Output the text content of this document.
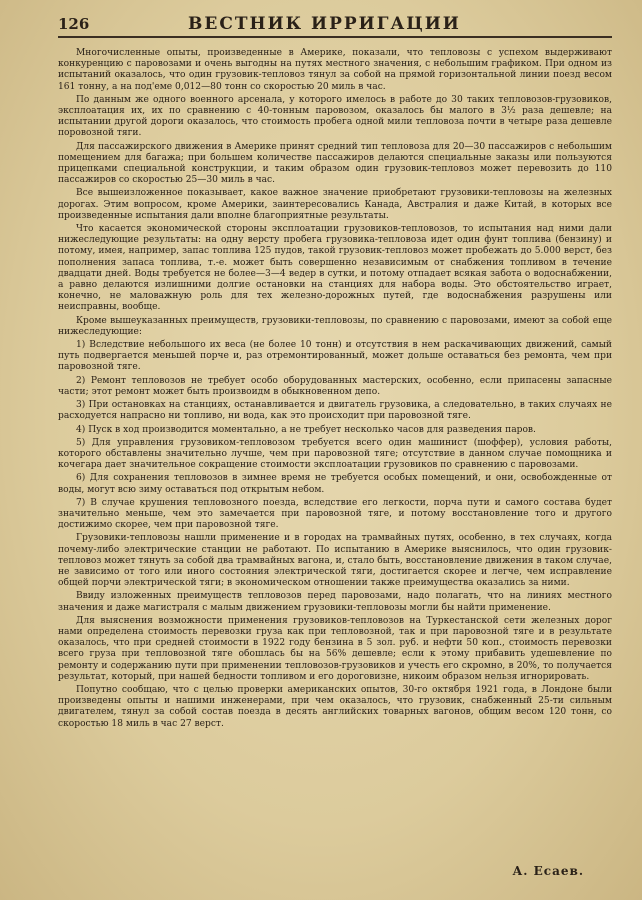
126	ВЕСТНИК ИРРИГАЦИИ

Многочисленные опыты, произведенные в Америке, показали, что тепловозы с успехом выдерживают конкуренцию с паровозами и очень выгодны на путях местного значения, с небольшим графиком. При одном из испытаний оказалось, что один грузовик-тепловоз тянул за собой на прямой горизонтальной линии поезд весом 161 тонну, а на под'еме 0,012—80 тонн со скоростью 20 миль в час.

По данным же одного военного арсенала, у которого имелось в работе до 30 таких тепловозов-грузовиков, эксплоатация их, их по сравнению с 40-тонным паровозом, оказалось бы малого в 3½ раза дешевле; на испытании другой дороги оказалось, что стоимость пробега одной мили тепловоза почти в четыре раза дешевле поровозной тяги.

Для пассажирского движения в Америке принят средний тип тепловоза для 20—30 пассажиров с небольшим помещением для багажа; при большем количестве пассажиров делаются специальные заказы или пользуются прицепками специальной конструкции, и таким образом один грузовик-тепловоз может перевозить до 110 пассажиров со скоростью 25—30 миль в час.

Все вышеизложенное показывает, какое важное значение приобретают грузовики-тепловозы на железных дорогах. Этим вопросом, кроме Америки, заинтересовались Канада, Австралия и даже Китай, в которых все произведенные испытания дали вполне благоприятные результаты.

Что касается экономической стороны эксплоатации грузовиков-тепловозов, то испытания над ними дали нижеследующие результаты: на одну версту пробега грузовика-тепловоза идет один фунт топлива (бензину) и потому, имея, например, запас топлива 125 пудов, такой грузовик-тепловоз может пробежать до 5.000 верст, без пополнения запаса топлива, т.-е. может быть совершенно независимым от снабжения топливом в течение двадцати дней. Воды требуется не более—3—4 ведер в сутки, и потому отпадает всякая забота о водоснабжении, а равно делаются излишними долгие остановки на станциях для набора воды. Это обстоятельство играет, конечно, не маловажную роль для тех железно-дорожных путей, где водоснабжения разрушены или неисправны, вообще.

Кроме вышеуказанных преимуществ, грузовики-тепловозы, по сравнению с паровозами, имеют за собой еще нижеследующие:

1) Вследствие небольшого их веса (не более 10 тонн) и отсутствия в нем раскачивающих движений, самый путь подвергается меньшей порче и, раз отремонтированный, может дольше оставаться без ремонта, чем при паровозной тяге.

2) Ремонт тепловозов не требует особо оборудованных мастерских, особенно, если припасены запасные части; этот ремонт может быть произвоидм в обыкновенном депо.

3) При остановках на станциях, останавливается и двигатель грузовика, а следовательно, в таких случаях не расходуется напрасно ни топливо, ни вода, как это происходит при паровозной тяге.

4) Пуск в ход производится моментально, а не требует несколько часов для разведения паров.

5) Для управления грузовиком-тепловозом требуется всего один машинист (шоффер), условия работы, которого обставлены значительно лучше, чем при паровозной тяге; отсутствие в данном случае помощника и кочегара дает значительное сокращение стоимости эксплоатации грузовиков по сравнению с паровозами.

6) Для сохранения тепловозов в зимнее время не требуется особых помещений, и они, освобожденные от воды, могут всю зиму оставаться под открытым небом.

7) В случае крушения тепловозного поезда, вследствие его легкости, порча пути и самого состава будет значительно меньше, чем это замечается при паровозной тяге, и потому восстановление того и другого достижимо скорее, чем при паровозной тяге.

Грузовики-тепловозы нашли применение и в городах на трамвайных путях, особенно, в тех случаях, когда почему-либо электрические станции не работают. По испытанию в Америке выяснилось, что один грузовик-тепловоз может тянуть за собой два трамвайных вагона, и, стало быть, восстановление движения в таком случае, не зависимо от того или иного состояния электрической тяги, достигается скорее и легче, чем исправление общей порчи электрической тяги; в экономическом отношении также преимущества оказались за ними.

Ввиду изложенных преимуществ тепловозов перед паровозами, надо полагать, что на линиях местного значения и даже магистраля с малым движением грузовики-тепловозы могли бы найти применение.

Для выяснения возможности применения грузовиков-тепловозов на Туркестанской сети железных дорог нами определена стоимость перевозки груза как при тепловозной, так и при паровозной тяге и в результате оказалось, что при средней стоимости в 1922 году бензина в 5 зол. руб. и нефти 50 коп., стоимость перевозки всего груза при тепловозной тяге обошлась бы на 56% дешевле; если к этому прибавить удешевление по ремонту и содержанию пути при применении тепловозов-грузовиков и учесть его скромно, в 20%, то получается результат, который, при нашей бедности топливом и его дороговизне, никоим образом нельзя игнорировать.

Попутно сообщаю, что с целью проверки американских опытов, 30-го октября 1921 года, в Лондоне были произведены опыты и нашими инженерами, при чем оказалось, что грузовик, снабженный 25-ти сильным двигателем, тянул за собой состав поезда в десять английских товарных вагонов, общим весом 120 тонн, со скоростью 18 миль в час 27 верст.

А. Есаев.
